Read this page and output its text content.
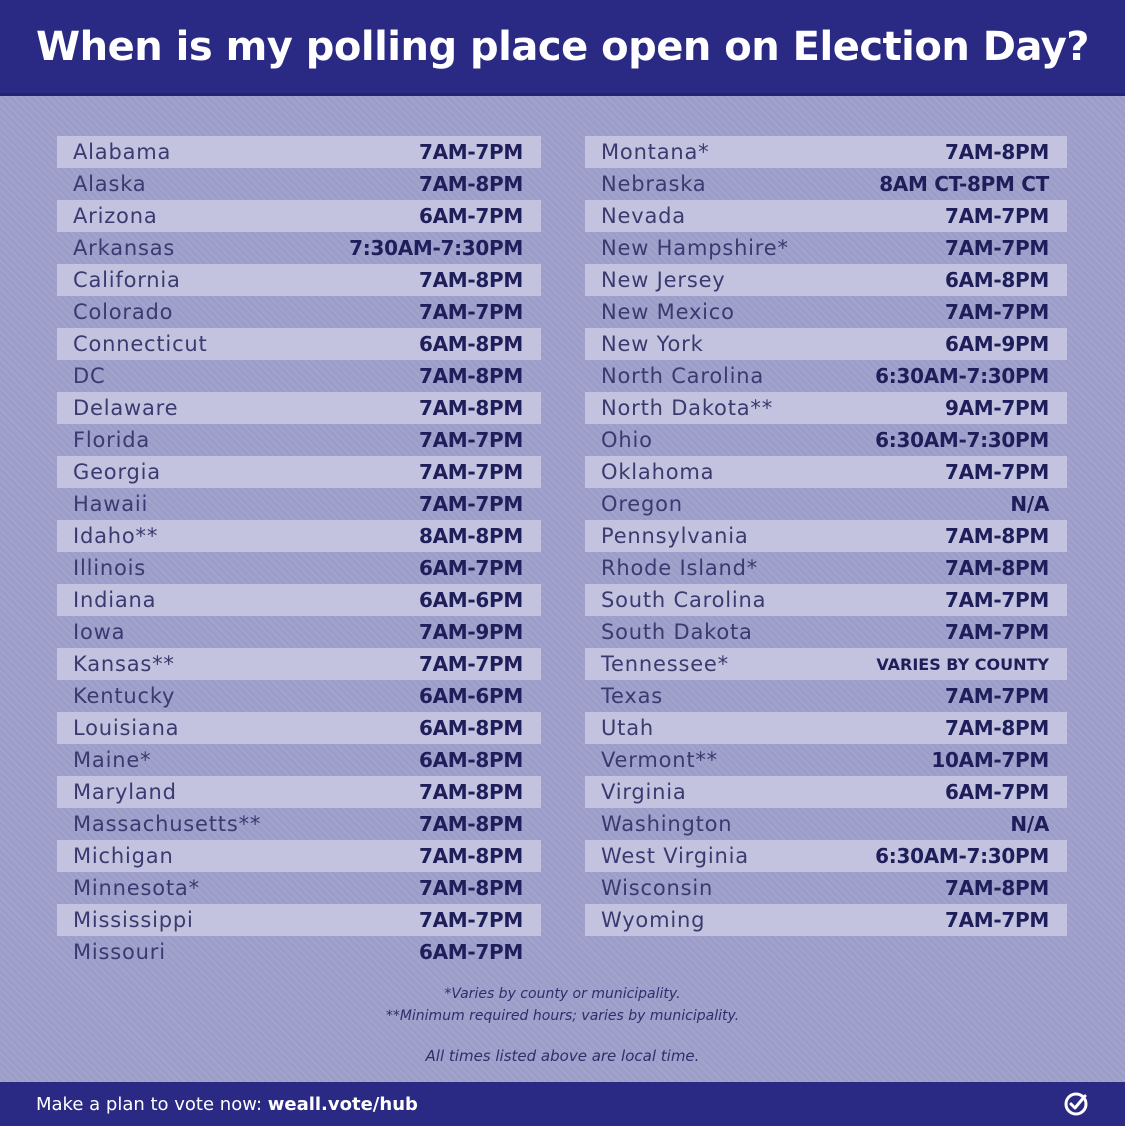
When is my polling place open on Election Day?
Alabama	7AM-7PM
Alaska	7AM-8PM
Arizona	6AM-7PM
Arkansas	7:30AM-7:30PM
California	7AM-8PM
Colorado	7AM-7PM
Connecticut	6AM-8PM
DC	7AM-8PM
Delaware	7AM-8PM
Florida	7AM-7PM
Georgia	7AM-7PM
Hawaii	7AM-7PM
Idaho**	8AM-8PM
Illinois	6AM-7PM
Indiana	6AM-6PM
Iowa	7AM-9PM
Kansas**	7AM-7PM
Kentucky	6AM-6PM
Louisiana	6AM-8PM
Maine*	6AM-8PM
Maryland	7AM-8PM
Massachusetts**	7AM-8PM
Michigan	7AM-8PM
Minnesota*	7AM-8PM
Mississippi	7AM-7PM
Missouri	6AM-7PM
Montana*	7AM-8PM
Nebraska	8AM CT-8PM CT
Nevada	7AM-7PM
New Hampshire*	7AM-7PM
New Jersey	6AM-8PM
New Mexico	7AM-7PM
New York	6AM-9PM
North Carolina	6:30AM-7:30PM
North Dakota**	9AM-7PM
Ohio	6:30AM-7:30PM
Oklahoma	7AM-7PM
Oregon	N/A
Pennsylvania	7AM-8PM
Rhode Island*	7AM-8PM
South Carolina	7AM-7PM
South Dakota	7AM-7PM
Tennessee*	VARIES BY COUNTY
Texas	7AM-7PM
Utah	7AM-8PM
Vermont**	10AM-7PM
Virginia	6AM-7PM
Washington	N/A
West Virginia	6:30AM-7:30PM
Wisconsin	7AM-8PM
Wyoming	7AM-7PM
*Varies by county or municipality.
**Minimum required hours; varies by municipality.
All times listed above are local time.
Make a plan to vote now: weall.vote/hub
